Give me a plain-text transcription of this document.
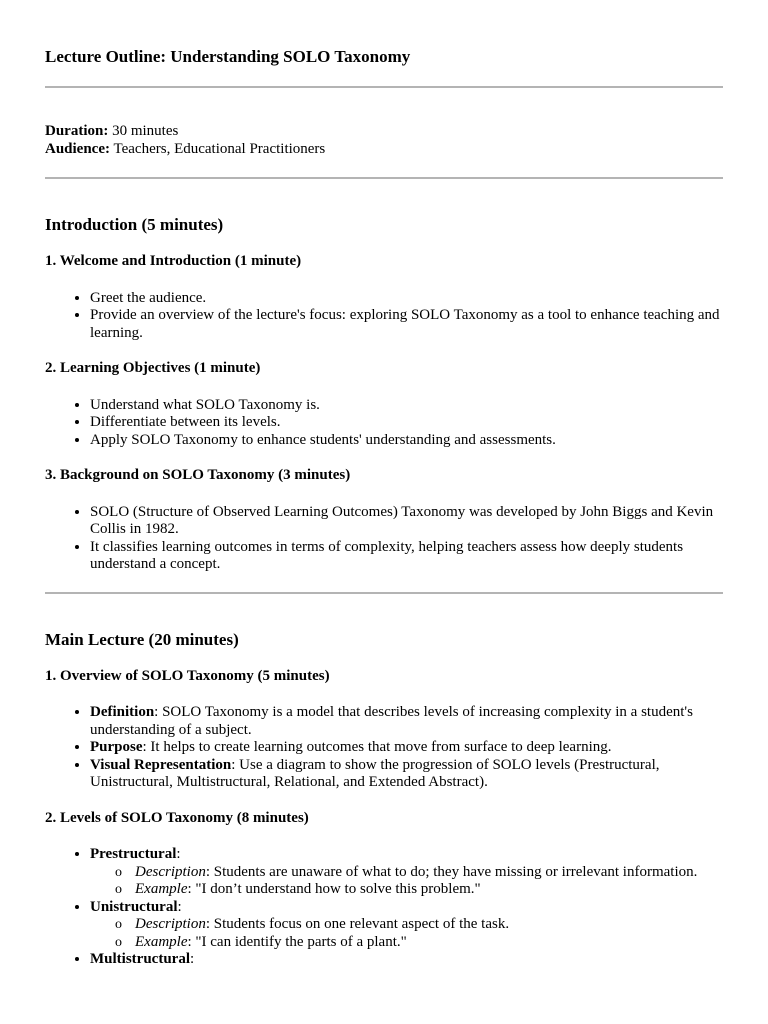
Lecture Outline: Understanding SOLO Taxonomy

Duration: 30 minutes

Audience: Teachers, Educational Practitioners

Introduction (5 minutes)
1. Welcome and Introduction (1 minute)
• Greet the audience.
• Provide an overview of the lecture's focus: exploring SOLO Taxonomy as a tool to enhance teaching and learning.
2. Learning Objectives (1 minute)
• Understand what SOLO Taxonomy is.
• Differentiate between its levels.
• Apply SOLO Taxonomy to enhance students' understanding and assessments.
3. Background on SOLO Taxonomy (3 minutes)
• SOLO (Structure of Observed Learning Outcomes) Taxonomy was developed by John Biggs and Kevin Collis in 1982.
• It classifies learning outcomes in terms of complexity, helping teachers assess how deeply students understand a concept.
Main Lecture (20 minutes)
1. Overview of SOLO Taxonomy (5 minutes)
• Definition: SOLO Taxonomy is a model that describes levels of increasing complexity in a student's understanding of a subject.
• Purpose: It helps to create learning outcomes that move from surface to deep learning.
• Visual Representation: Use a diagram to show the progression of SOLO levels (Prestructural, Unistructural, Multistructural, Relational, and Extended Abstract).
2. Levels of SOLO Taxonomy (8 minutes)
• Prestructural:
o Description: Students are unaware of what to do; they have missing or irrelevant information.
o Example: "I don’t understand how to solve this problem."
• Unistructural:
o Description: Students focus on one relevant aspect of the task.
o Example: "I can identify the parts of a plant."
• Multistructural:
